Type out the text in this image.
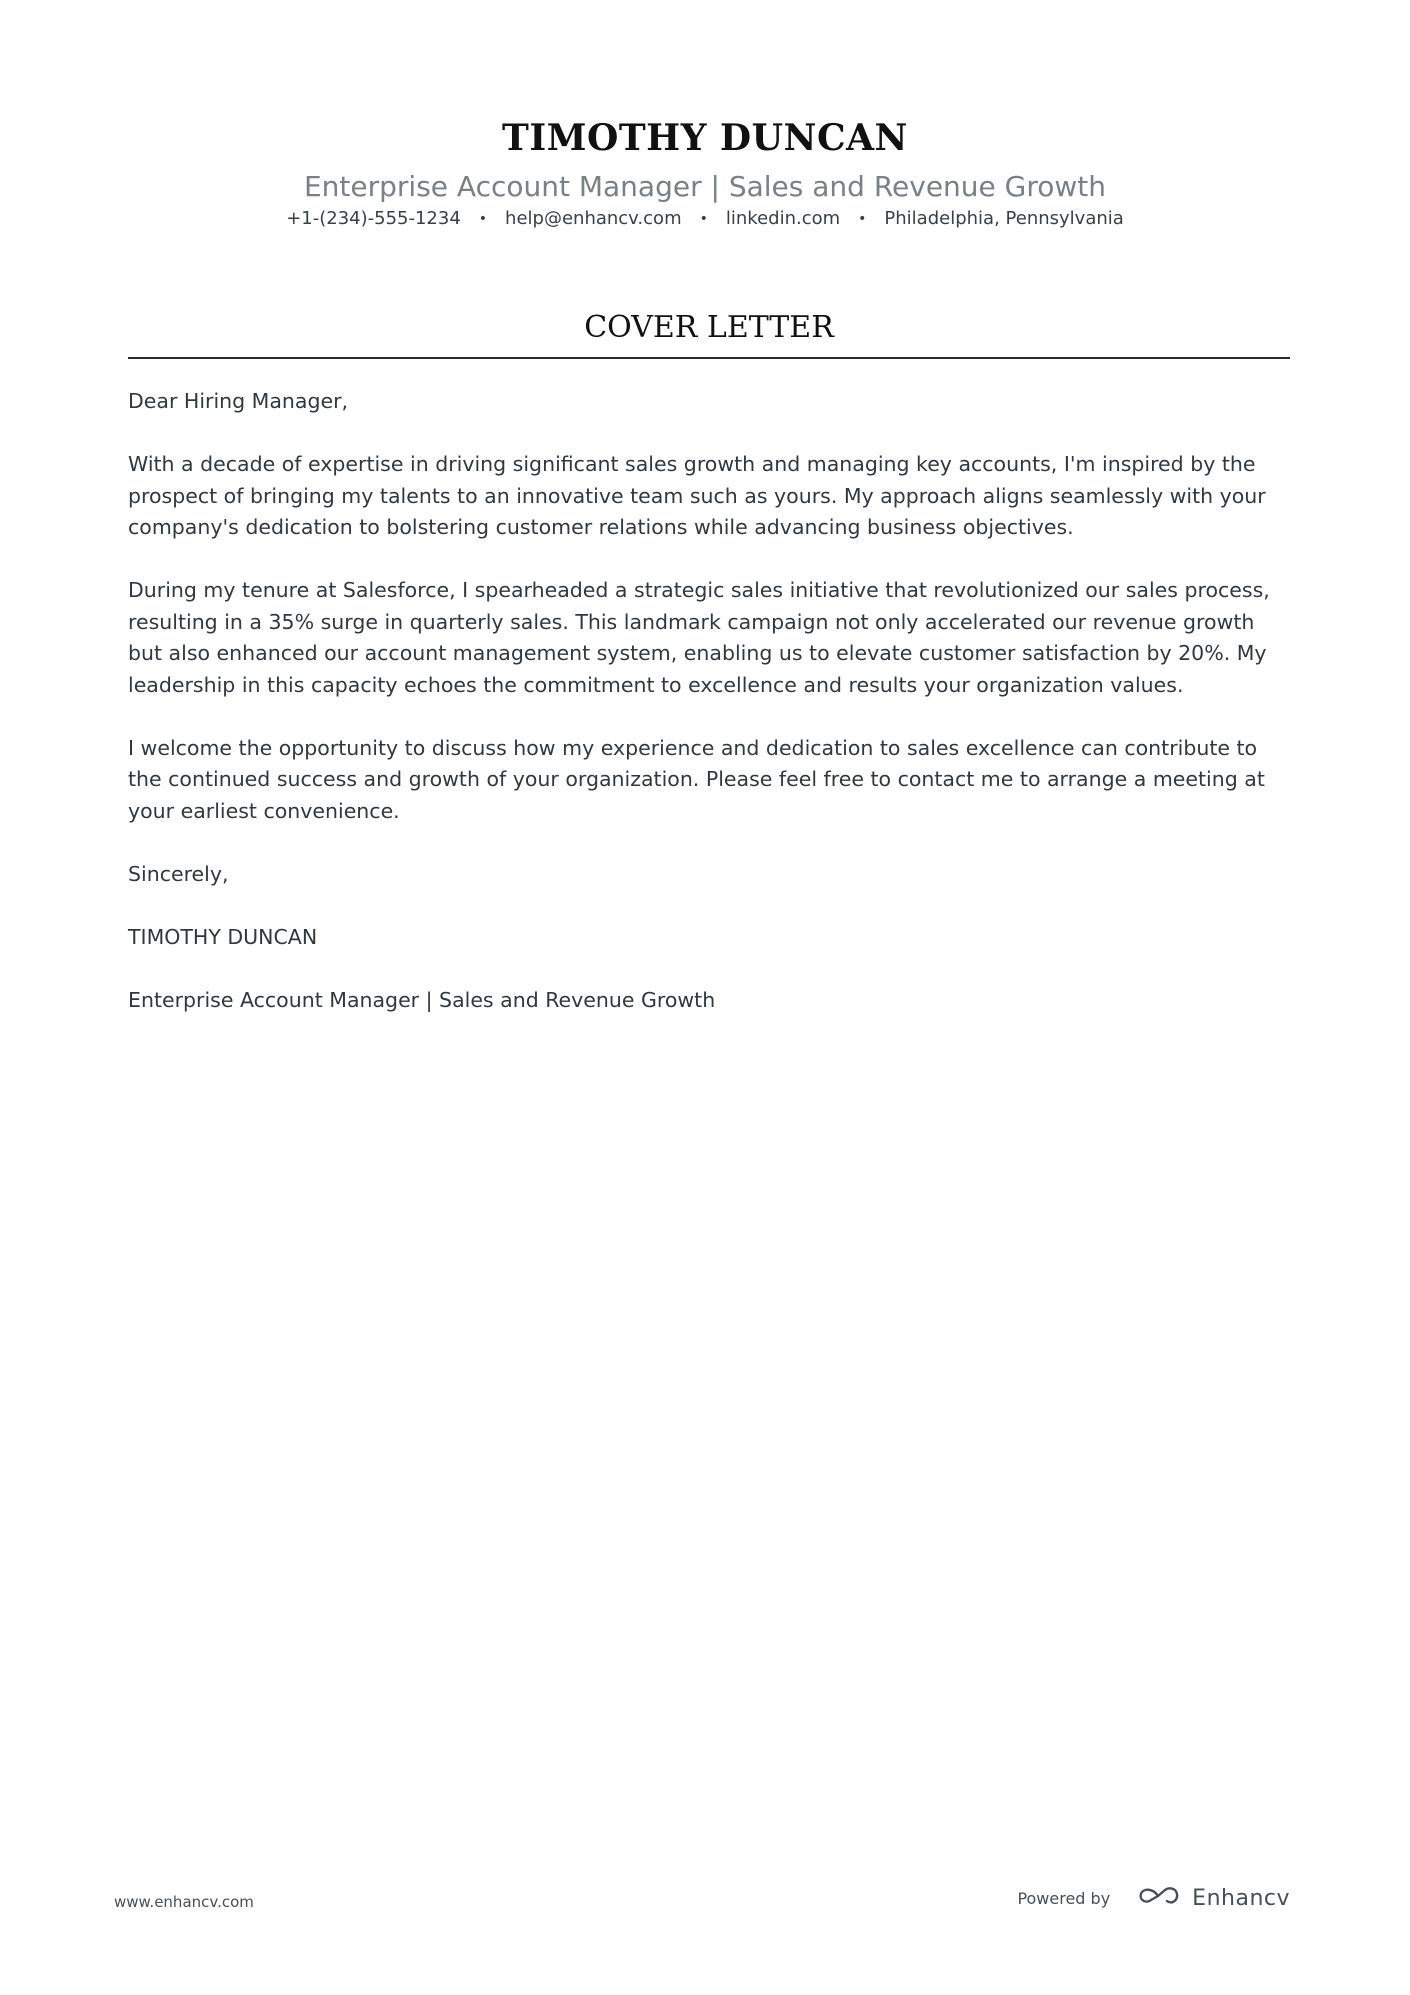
TIMOTHY DUNCAN
Enterprise Account Manager | Sales and Revenue Growth
+1-(234)-555-1234 • help@enhancv.com • linkedin.com • Philadelphia, Pennsylvania
COVER LETTER

Dear Hiring Manager,

With a decade of expertise in driving significant sales growth and managing key accounts, I'm inspired by the prospect of bringing my talents to an innovative team such as yours. My approach aligns seamlessly with your company's dedication to bolstering customer relations while advancing business objectives.

During my tenure at Salesforce, I spearheaded a strategic sales initiative that revolutionized our sales process, resulting in a 35% surge in quarterly sales. This landmark campaign not only accelerated our revenue growth but also enhanced our account management system, enabling us to elevate customer satisfaction by 20%. My leadership in this capacity echoes the commitment to excellence and results your organization values.

I welcome the opportunity to discuss how my experience and dedication to sales excellence can contribute to the continued success and growth of your organization. Please feel free to contact me to arrange a meeting at your earliest convenience.

Sincerely,

TIMOTHY DUNCAN

Enterprise Account Manager | Sales and Revenue Growth

www.enhancv.com	Powered by	Enhancv
